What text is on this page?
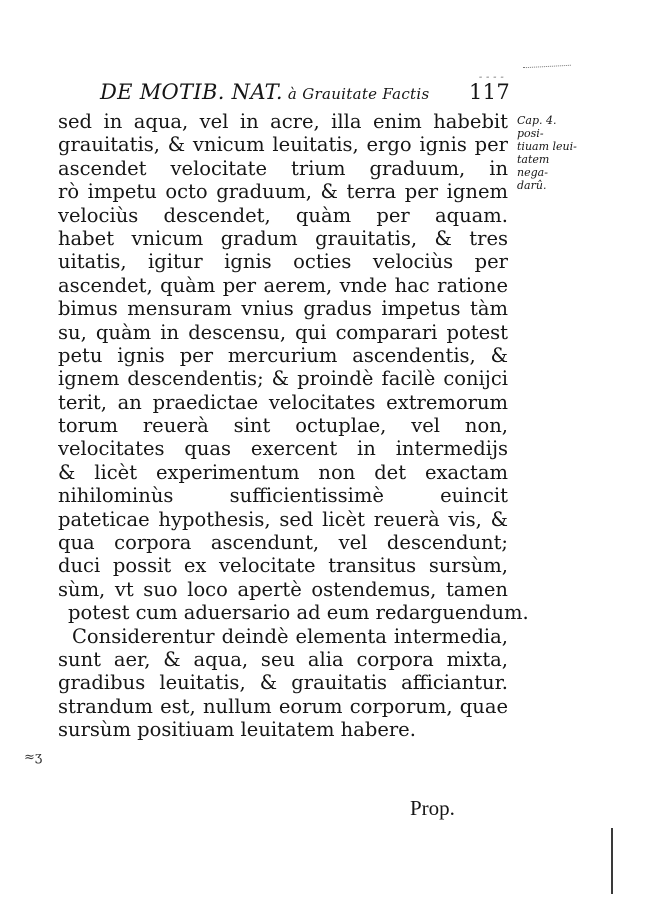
DE MOTIB. NAT. à Grauitate Factis
- - - -
117
Cap. 4. posi-
tiuam leui-
tatem nega-
darû.
sed in aqua, vel in acre, illa enim habebit
grauitatis, & vnicum leuitatis, ergo ignis per
ascendet velocitate trium graduum, in
rò impetu octo graduum, & terra per ignem
velociùs descendet, quàm per aquam.
habet vnicum gradum grauitatis, & tres
uitatis, igitur ignis octies velociùs per
ascendet, quàm per aerem, vnde hac ratione
bimus mensuram vnius gradus impetus tàm
su, quàm in descensu, qui comparari potest
petu ignis per mercurium ascendentis, &
ignem descendentis; & proindè facilè conijci
terit, an praedictae velocitates extremorum
torum reuerà sint octuplae, vel non,
velocitates quas exercent in intermedijs
& licèt experimentum non det exactam
nihilominùs sufficientissimè euincit
pateticae hypothesis, sed licèt reuerà vis, &
qua corpora ascendunt, vel descendunt;
duci possit ex velocitate transitus sursùm,
sùm, vt suo loco apertè ostendemus, tamen
potest cum aduersario ad eum redarguendum.
Considerentur deindè elementa intermedia,
sunt aer, & aqua, seu alia corpora mixta,
gradibus leuitatis, & grauitatis afficiantur.
strandum est, nullum eorum corporum, quae
sursùm positiuam leuitatem habere.
≈ʒ
Prop.
